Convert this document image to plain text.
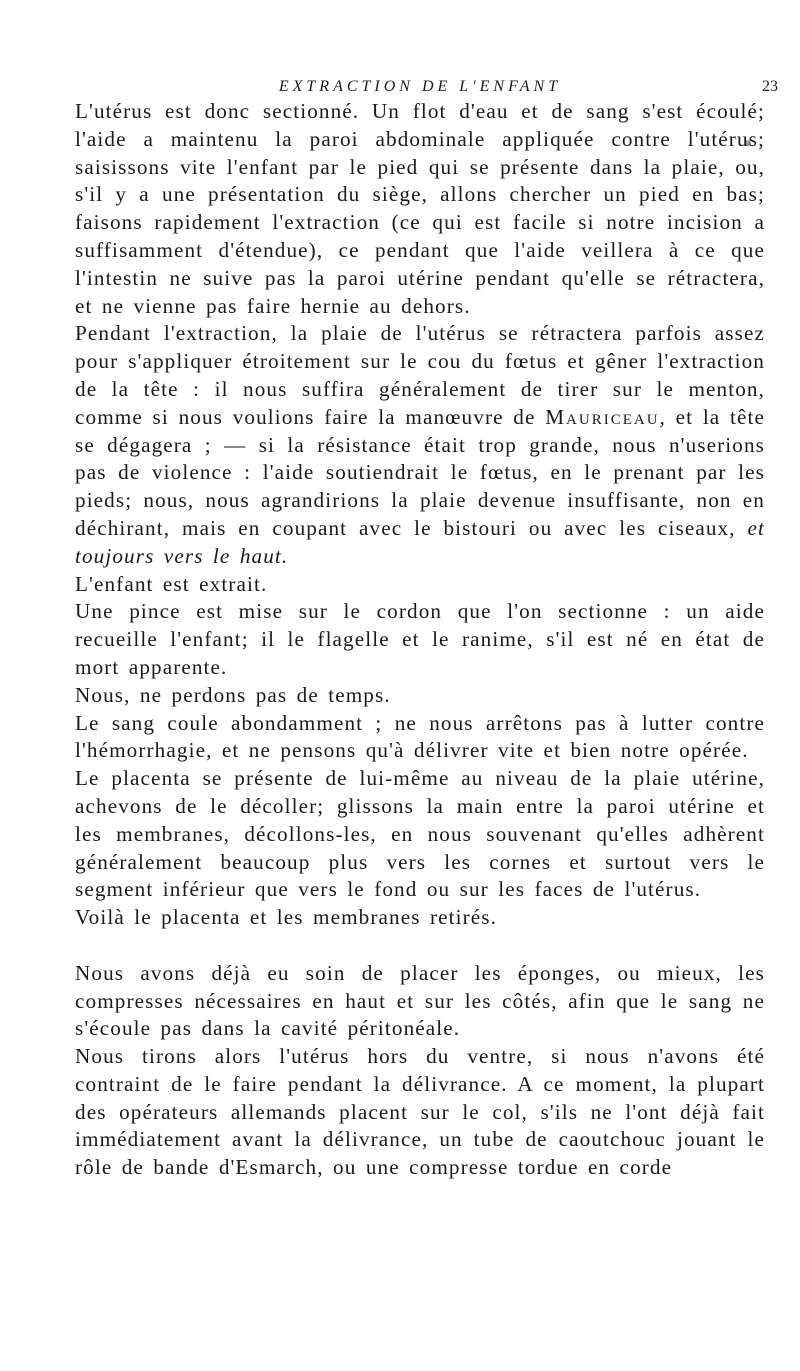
EXTRACTION DE L'ENFANT	23

L'utérus est donc sectionné. Un flot d'eau et de sang s'est écoulé; l'aide a maintenu la paroi abdominale appliquée contre l'utérus; saisissons vite l'enfant par le pied qui se présente dans la plaie, ou, s'il y a une présentation du siège, allons chercher un pied en bas; faisons rapidement l'extraction (ce qui est facile si notre incision a suffisamment d'étendue), ce pendant que l'aide veillera à ce que l'intestin ne suive pas la paroi utérine pendant qu'elle se rétractera, et ne vienne pas faire hernie au dehors.

Pendant l'extraction, la plaie de l'utérus se rétractera parfois assez pour s'appliquer étroitement sur le cou du fœtus et gêner l'extraction de la tête : il nous suffira généralement de tirer sur le menton, comme si nous voulions faire la manœuvre de Mauriceau, et la tête se dégagera ; — si la résistance était trop grande, nous n'userions pas de violence : l'aide soutiendrait le fœtus, en le prenant par les pieds; nous, nous agrandirions la plaie devenue insuffisante, non en déchirant, mais en coupant avec le bistouri ou avec les ciseaux, et toujours vers le haut.

L'enfant est extrait.

Une pince est mise sur le cordon que l'on sectionne : un aide recueille l'enfant; il le flagelle et le ranime, s'il est né en état de mort apparente.

Nous, ne perdons pas de temps.

Le sang coule abondamment ; ne nous arrêtons pas à lutter contre l'hémorrhagie, et ne pensons qu'à délivrer vite et bien notre opérée.

Le placenta se présente de lui-même au niveau de la plaie utérine, achevons de le décoller; glissons la main entre la paroi utérine et les membranes, décollons-les, en nous souvenant qu'elles adhèrent généralement beaucoup plus vers les cornes et surtout vers le segment inférieur que vers le fond ou sur les faces de l'utérus.

Voilà le placenta et les membranes retirés.

Nous avons déjà eu soin de placer les éponges, ou mieux, les compresses nécessaires en haut et sur les côtés, afin que le sang ne s'écoule pas dans la cavité péritonéale.

Nous tirons alors l'utérus hors du ventre, si nous n'avons été contraint de le faire pendant la délivrance. A ce moment, la plupart des opérateurs allemands placent sur le col, s'ils ne l'ont déjà fait immédiatement avant la délivrance, un tube de caoutchouc jouant le rôle de bande d'Esmarch, ou une compresse tordue en corde
